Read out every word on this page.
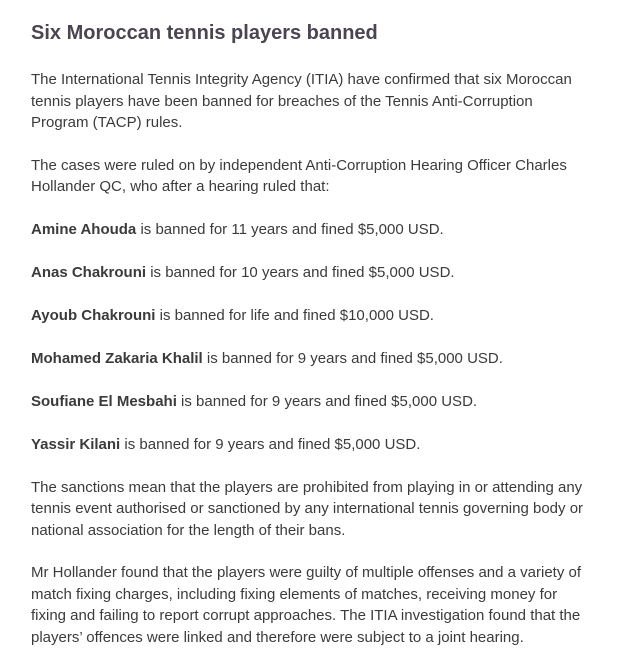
Six Moroccan tennis players banned

The International Tennis Integrity Agency (ITIA) have confirmed that six Moroccan tennis players have been banned for breaches of the Tennis Anti-Corruption Program (TACP) rules.

The cases were ruled on by independent Anti-Corruption Hearing Officer Charles Hollander QC, who after a hearing ruled that:

Amine Ahouda is banned for 11 years and fined $5,000 USD.

Anas Chakrouni is banned for 10 years and fined $5,000 USD.

Ayoub Chakrouni is banned for life and fined $10,000 USD.

Mohamed Zakaria Khalil is banned for 9 years and fined $5,000 USD.

Soufiane El Mesbahi is banned for 9 years and fined $5,000 USD.

Yassir Kilani is banned for 9 years and fined $5,000 USD.

The sanctions mean that the players are prohibited from playing in or attending any tennis event authorised or sanctioned by any international tennis governing body or national association for the length of their bans.

Mr Hollander found that the players were guilty of multiple offenses and a variety of match fixing charges, including fixing elements of matches, receiving money for fixing and failing to report corrupt approaches. The ITIA investigation found that the players’ offences were linked and therefore were subject to a joint hearing.
